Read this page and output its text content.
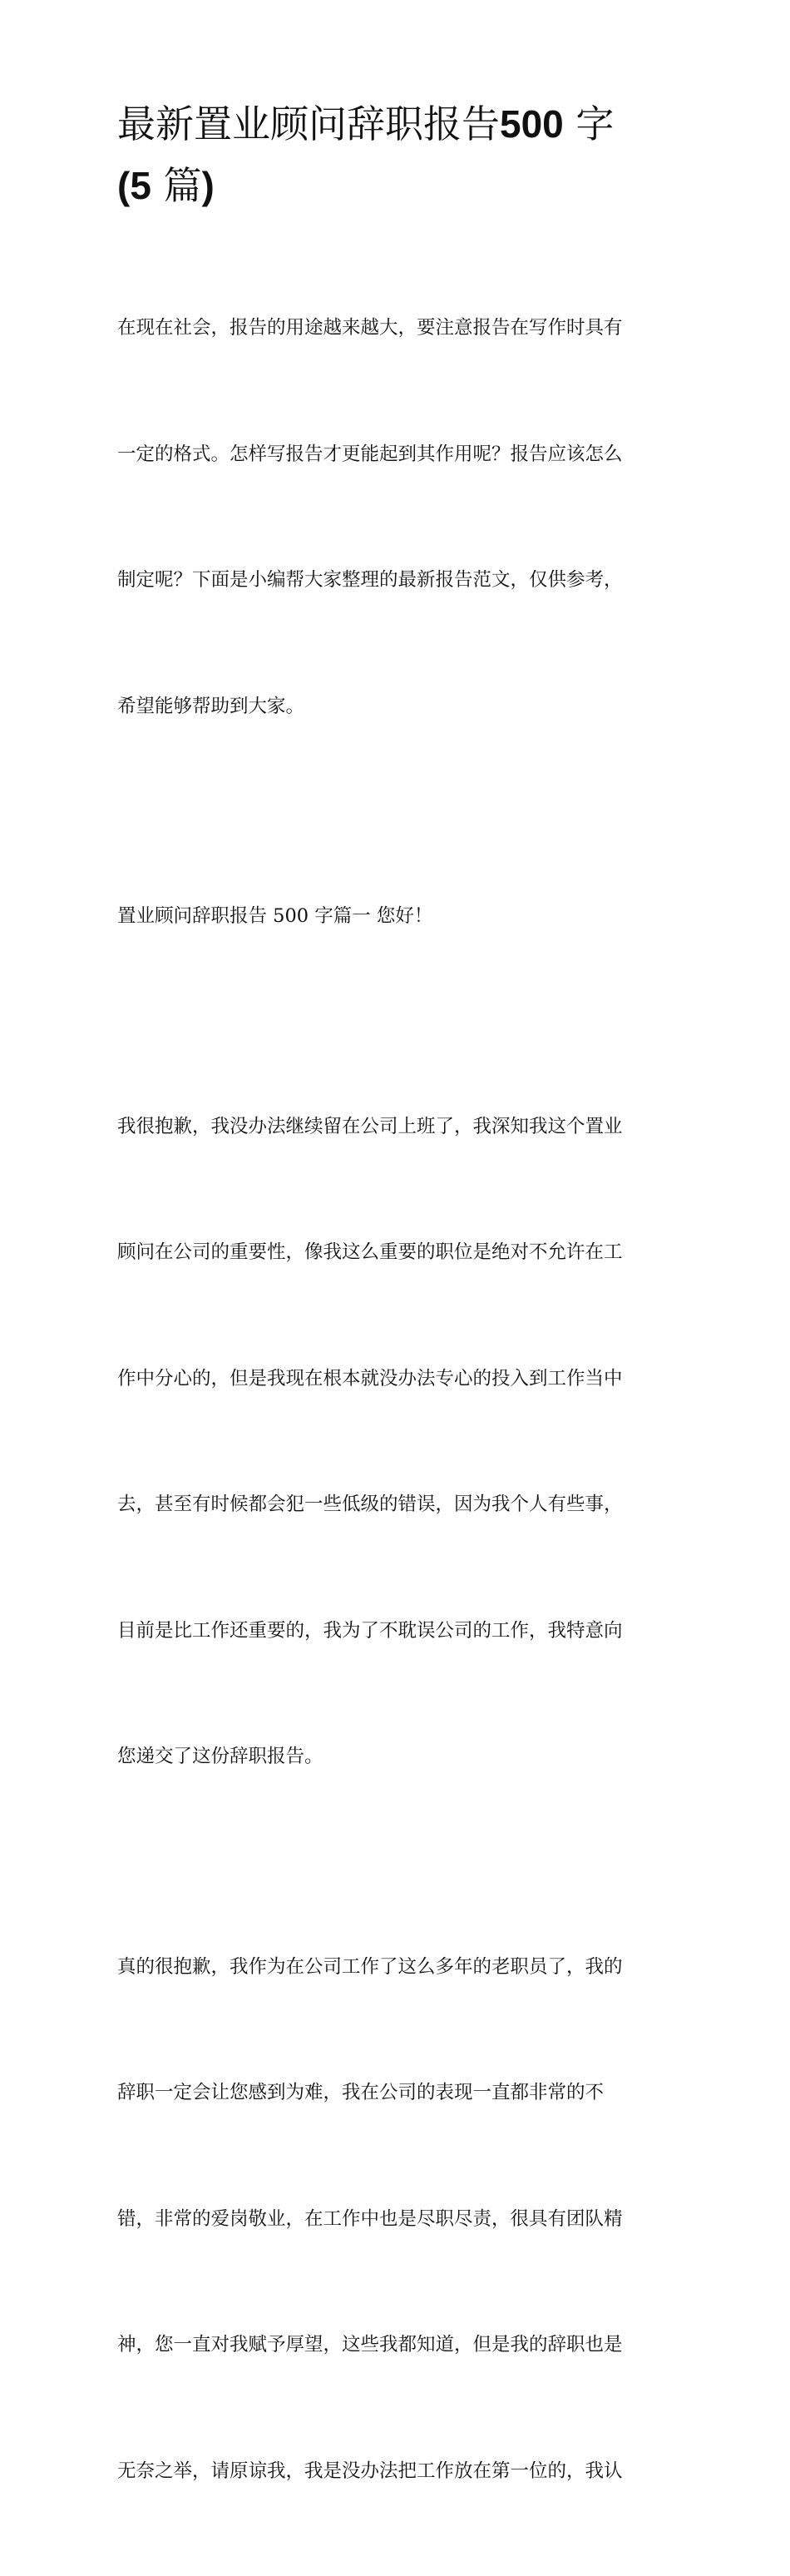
最新置业顾问辞职报告500 字
(5 篇)

在现在社会，报告的用途越来越大，要注意报告在写作时具有

一定的格式。怎样写报告才更能起到其作用呢？报告应该怎么

制定呢？下面是小编帮大家整理的最新报告范文，仅供参考，

希望能够帮助到大家。

置业顾问辞职报告 500 字篇一 您好！

我很抱歉，我没办法继续留在公司上班了，我深知我这个置业

顾问在公司的重要性，像我这么重要的职位是绝对不允许在工

作中分心的，但是我现在根本就没办法专心的投入到工作当中

去，甚至有时候都会犯一些低级的错误，因为我个人有些事，

目前是比工作还重要的，我为了不耽误公司的工作，我特意向

您递交了这份辞职报告。

真的很抱歉，我作为在公司工作了这么多年的老职员了，我的

辞职一定会让您感到为难，我在公司的表现一直都非常的不

错，非常的爱岗敬业，在工作中也是尽职尽责，很具有团队精

神，您一直对我赋予厚望，这些我都知道，但是我的辞职也是

无奈之举，请原谅我，我是没办法把工作放在第一位的，我认
